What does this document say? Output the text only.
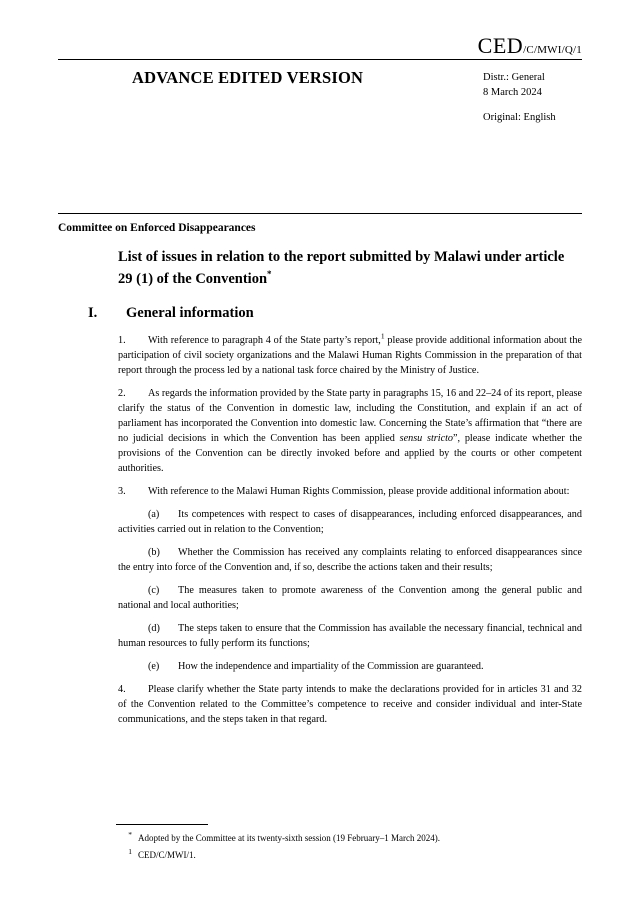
CED/C/MWI/Q/1
ADVANCE EDITED VERSION	Distr.: General
8 March 2024
Original: English
Committee on Enforced Disappearances
List of issues in relation to the report submitted by Malawi under article 29 (1) of the Convention*
I. General information

1. With reference to paragraph 4 of the State party’s report,$^1$ please provide additional information about the participation of civil society organizations and the Malawi Human Rights Commission in the preparation of that report through the process led by a national task force chaired by the Ministry of Justice.

2. As regards the information provided by the State party in paragraphs 15, 16 and 22–24 of its report, please clarify the status of the Convention in domestic law, including the Constitution, and explain if an act of parliament has incorporated the Convention into domestic law. Concerning the State’s affirmation that “there are no judicial decisions in which the Convention has been applied sensu stricto”, please indicate whether the provisions of the Convention can be directly invoked before and applied by the courts or other competent authorities.

3. With reference to the Malawi Human Rights Commission, please provide additional information about:

(a) Its competences with respect to cases of disappearances, including enforced disappearances, and activities carried out in relation to the Convention;

(b) Whether the Commission has received any complaints relating to enforced disappearances since the entry into force of the Convention and, if so, describe the actions taken and their results;

(c) The measures taken to promote awareness of the Convention among the general public and national and local authorities;

(d) The steps taken to ensure that the Commission has available the necessary financial, technical and human resources to fully perform its functions;

(e) How the independence and impartiality of the Commission are guaranteed.

4. Please clarify whether the State party intends to make the declarations provided for in articles 31 and 32 of the Convention related to the Committee’s competence to receive and consider individual and inter-State communications, and the steps taken in that regard.

* Adopted by the Committee at its twenty-sixth session (19 February–1 March 2024).
1 CED/C/MWI/1.
